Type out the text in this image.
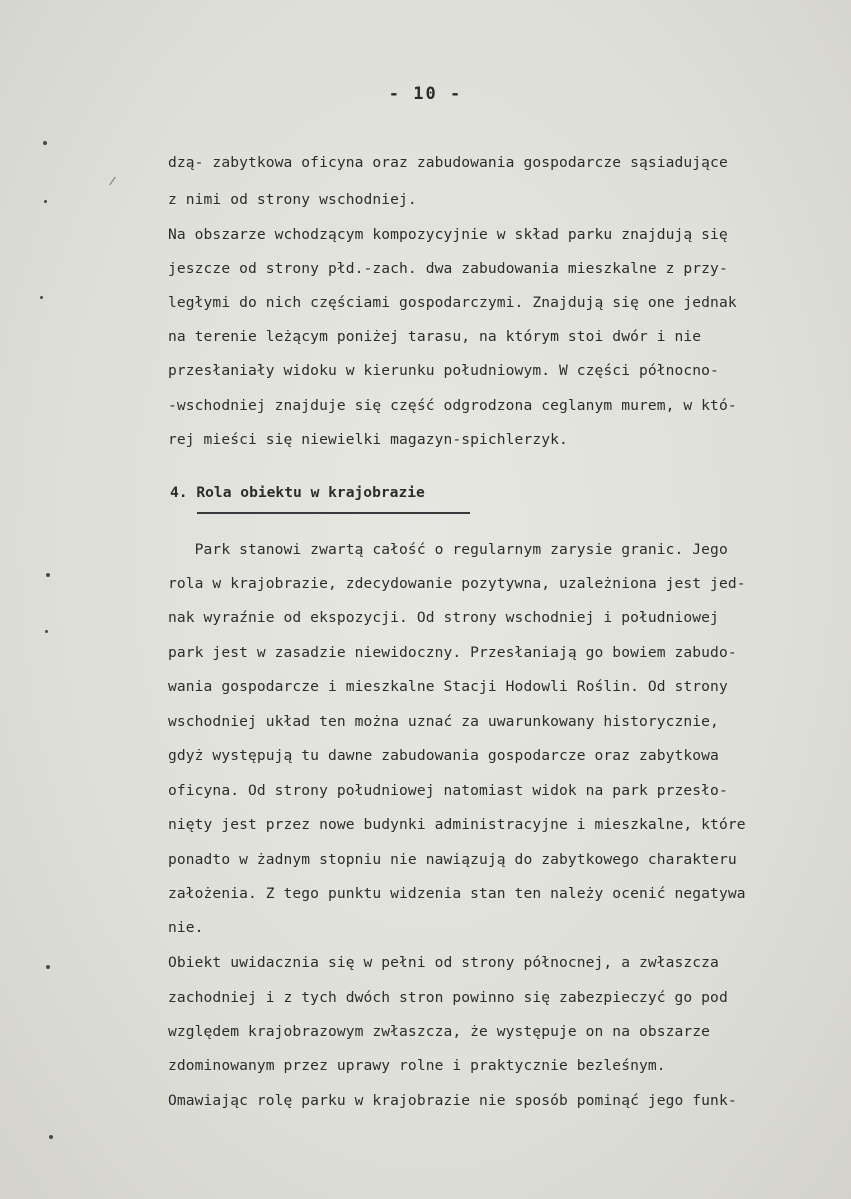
- 10 -

dzą- zabytkowa oficyna oraz zabudowania gospodarcze sąsiadujące

z nimi od strony wschodniej.

Na obszarze wchodzącym kompozycyjnie w skład parku znajdują się

jeszcze od strony płd.-zach. dwa zabudowania mieszkalne z przy-

ległymi do nich częściami gospodarczymi. Znajdują się one jednak

na terenie leżącym poniżej tarasu, na którym stoi dwór i nie

przesłaniały widoku w kierunku południowym. W części północno-

-wschodniej znajduje się część odgrodzona ceglanym murem, w któ-

rej mieści się niewielki magazyn-spichlerzyk.

4. Rola obiektu w krajobrazie

Park stanowi zwartą całość o regularnym zarysie granic. Jego

rola w krajobrazie, zdecydowanie pozytywna, uzależniona jest jed-

nak wyraźnie od ekspozycji. Od strony wschodniej i południowej

park jest w zasadzie niewidoczny. Przesłaniają go bowiem zabudo-

wania gospodarcze i mieszkalne Stacji Hodowli Roślin. Od strony

wschodniej układ ten można uznać za uwarunkowany historycznie,

gdyż występują tu dawne zabudowania gospodarcze oraz zabytkowa

oficyna. Od strony południowej natomiast widok na park przesło-

nięty jest przez nowe budynki administracyjne i mieszkalne, które

ponadto w żadnym stopniu nie nawiązują do zabytkowego charakteru

założenia. Z tego punktu widzenia stan ten należy ocenić negatywa

nie.

Obiekt uwidacznia się w pełni od strony północnej, a zwłaszcza

zachodniej i z tych dwóch stron powinno się zabezpieczyć go pod

względem krajobrazowym zwłaszcza, że występuje on na obszarze

zdominowanym przez uprawy rolne i praktycznie bezleśnym.

Omawiając rolę parku w krajobrazie nie sposób pominąć jego funk-
